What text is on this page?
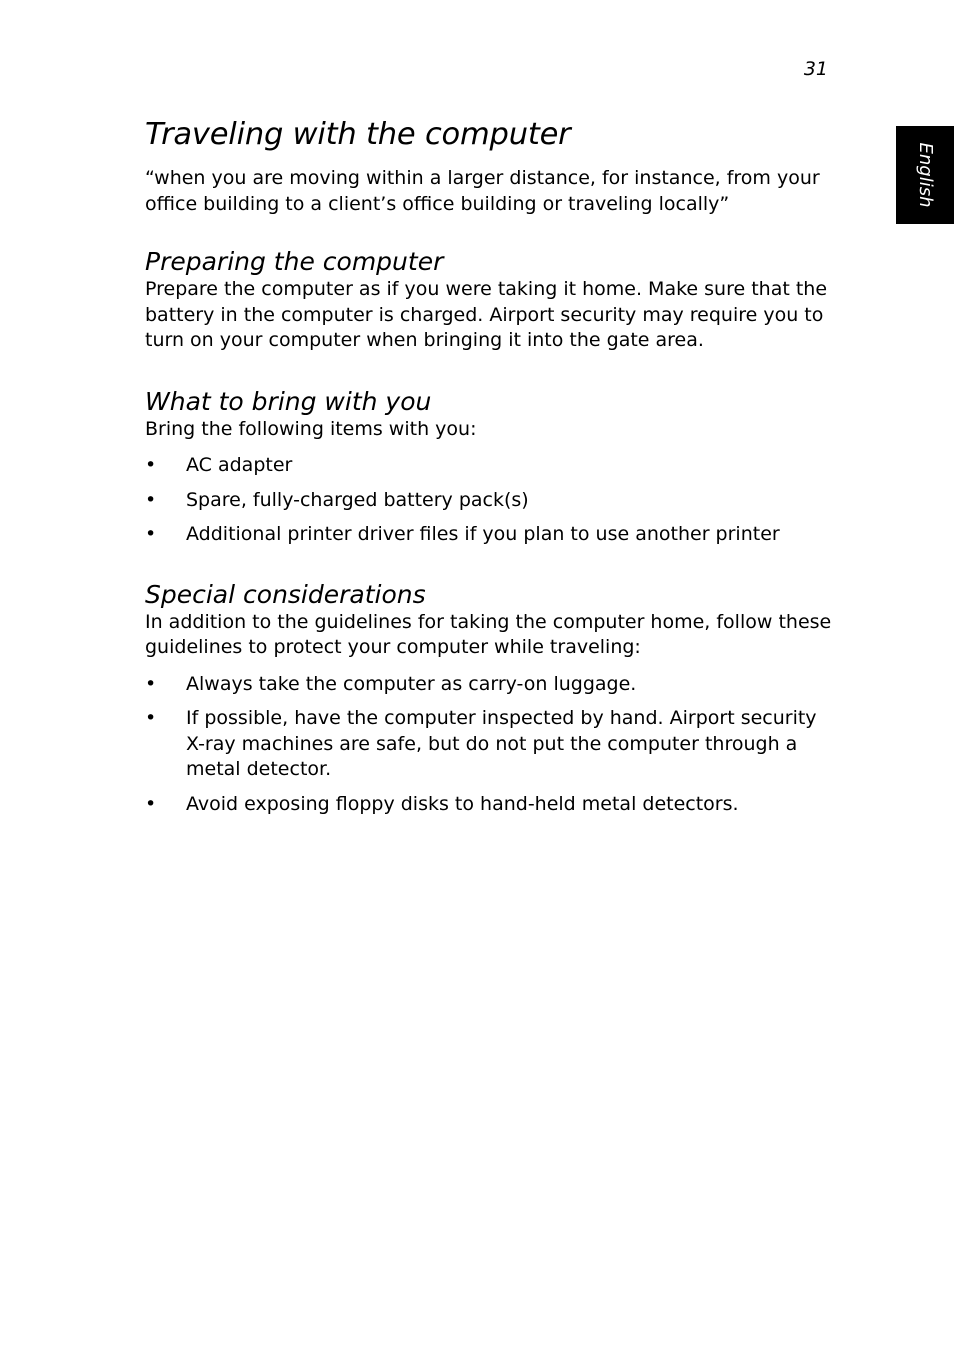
31
English
Traveling with the computer

“when you are moving within a larger distance, for instance, from your office building to a client’s office building or traveling locally”

Preparing the computer

Prepare the computer as if you were taking it home. Make sure that the battery in the computer is charged. Airport security may require you to turn on your computer when bringing it into the gate area.

What to bring with you

Bring the following items with you:

• AC adapter
• Spare, fully-charged battery pack(s)
• Additional printer driver files if you plan to use another printer
Special considerations

In addition to the guidelines for taking the computer home, follow these guidelines to protect your computer while traveling:

• Always take the computer as carry-on luggage.
• If possible, have the computer inspected by hand. Airport security X-ray machines are safe, but do not put the computer through a metal detector.
• Avoid exposing floppy disks to hand-held metal detectors.
